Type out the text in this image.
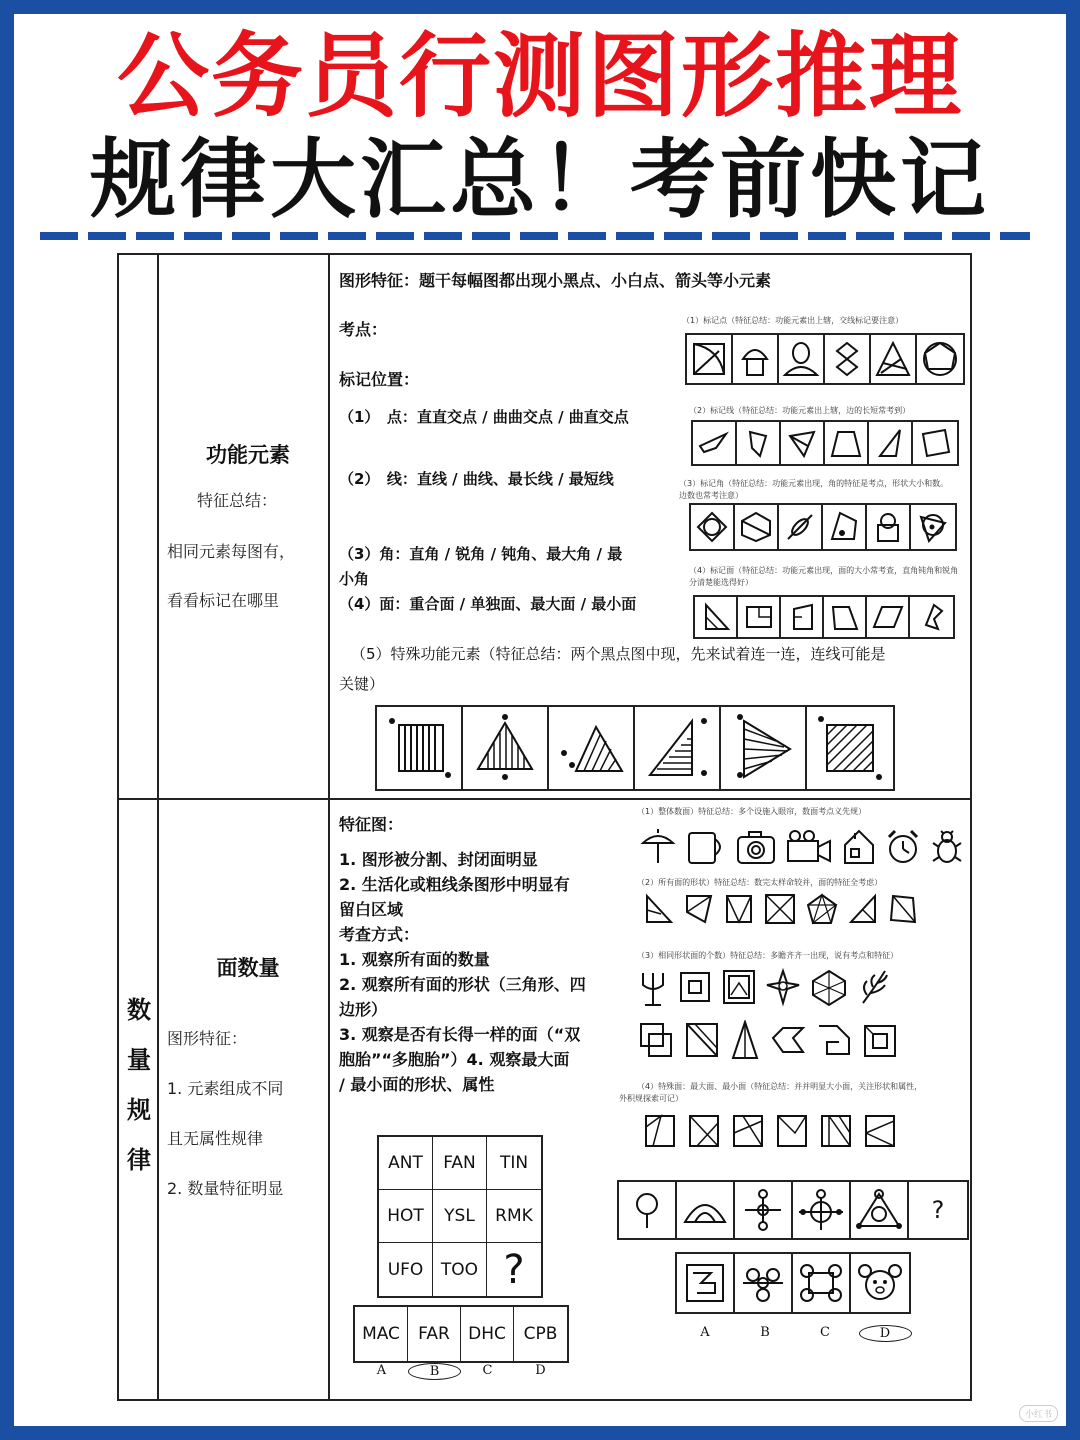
公务员行测图形推理
规律大汇总！考前快记
功能元素
特征总结：
相同元素每图有，
看看标记在哪里
图形特征：题干每幅图都出现小黑点、小白点、箭头等小元素
考点：
标记位置：
（1）　点：直直交点 / 曲曲交点 / 曲直交点
（2）　线：直线 / 曲线、最长线 / 最短线
（3）角：直角 / 锐角 / 钝角、最大角 / 最
小角
（4）面：重合面 / 单独面、最大面 / 最小面
（5）特殊功能元素（特征总结：两个黑点图中现，先来试着连一连，连线可能是
关键）
（1）标记点（特征总结：功能元素出上辖，交线标记要注意）
（2）标记线（特征总结：功能元素出上辖，边的长短常考到）
（3）标记角（特征总结：功能元素出现，角的特征是考点，形状大小和数。
边数也常考注意）
（4）标记面（特征总结：功能元素出现，面的大小常考查，直角钝角和锐角
分清楚能选得好）
数量规律
面数量
图形特征：
1. 元素组成不同
且无属性规律
2. 数量特征明显
特征图：
1. 图形被分割、封闭面明显
2. 生活化或粗线条图形中明显有
留白区域
考查方式：
1. 观察所有面的数量
2. 观察所有面的形状（三角形、四
边形）
3. 观察是否有长得一样的面（“双
胞胎”“多胞胎”）4. 观察最大面
/ 最小面的形状、属性
（1）整体数面）特征总结：多个设施入眼帘，数面考点义先规）
（2）所有面的形状）特征总结：数完太样命较并，面的特征全考虑）
（3）相同形状面的个数）特征总结：多瞻齐齐一出现，说有考点和特征）
（4）特殊面：最大面、最小面（特征总结：并并明显大小面，关注形状和属性，
外积规探索可记）
?
A	B	C	D
ANT	FAN	TIN
HOT	YSL	RMK
UFO	TOO ?
MAC	FAR	DHC	CPB
A	B	C	D
小红书
